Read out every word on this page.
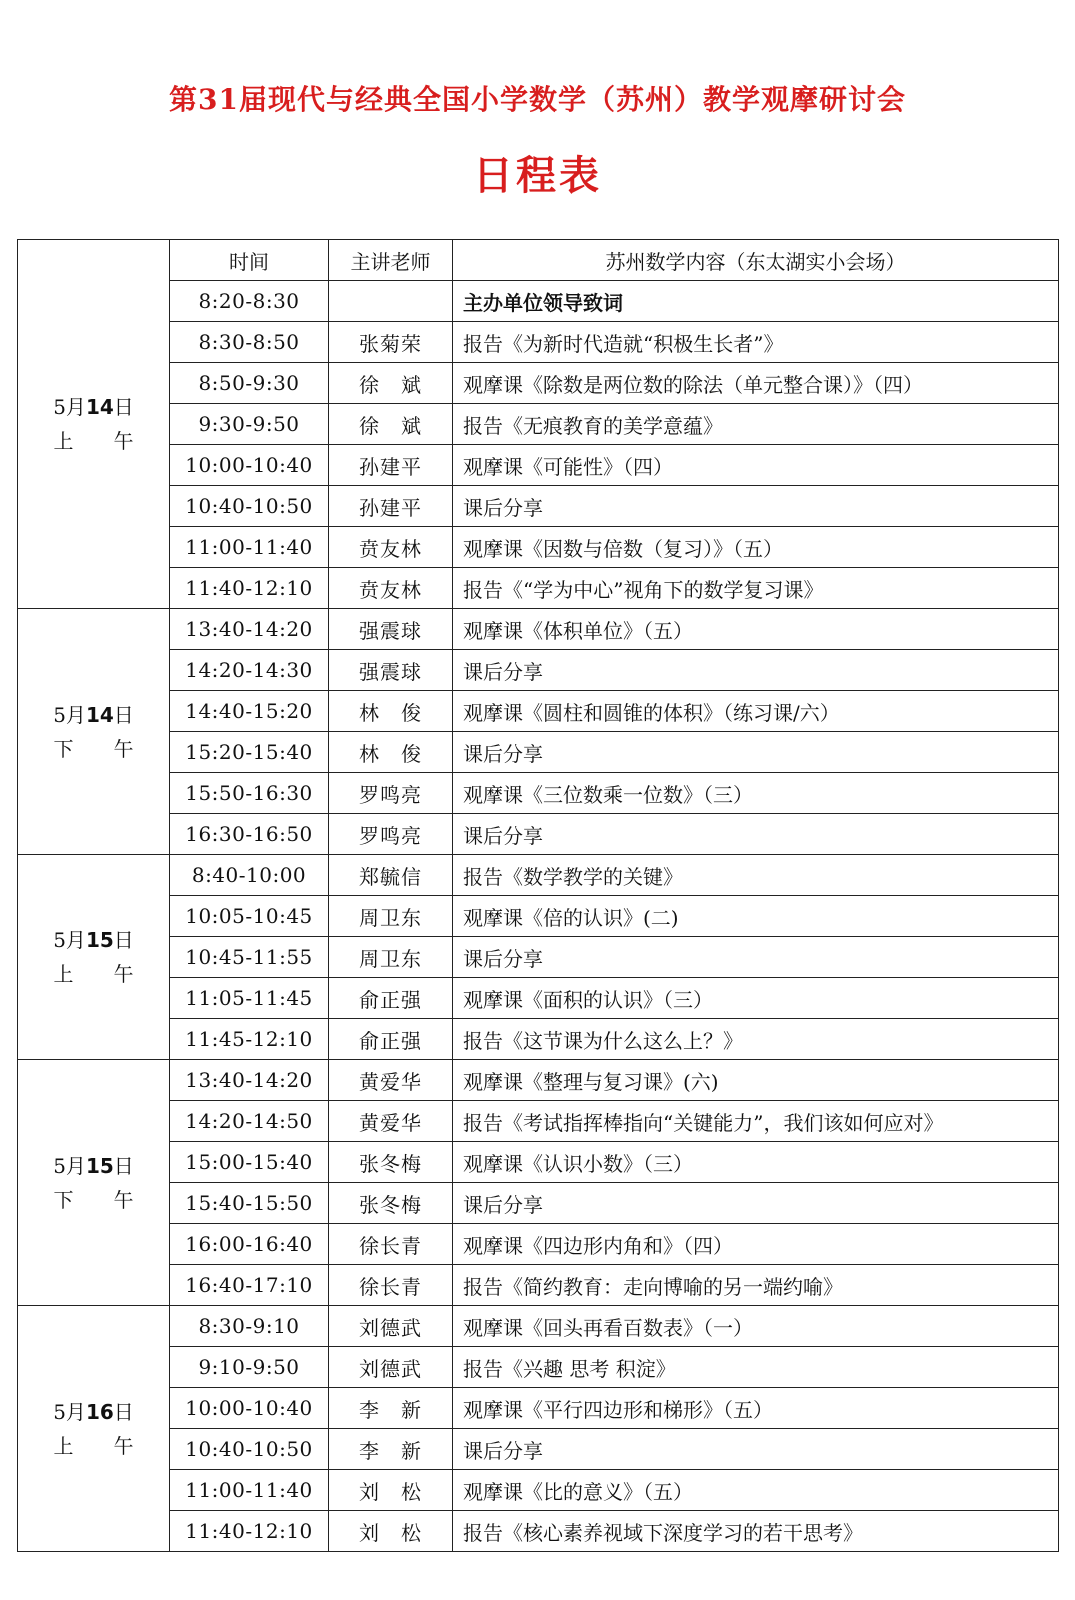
第31届现代与经典全国小学数学（苏州）教学观摩研讨会
日程表
5月14日
上　　午	时间	主讲老师	苏州数学内容（东太湖实小会场）
	8:20-8:30		主办单位领导致词
	8:30-8:50	张菊荣	报告《为新时代造就“积极生长者”》
	8:50-9:30	徐　斌	观摩课《除数是两位数的除法（单元整合课）》（四）
	9:30-9:50	徐　斌	报告《无痕教育的美学意蕴》
	10:00-10:40	孙建平	观摩课《可能性》（四）
	10:40-10:50	孙建平	课后分享
	11:00-11:40	贲友林	观摩课《因数与倍数（复习）》（五）
	11:40-12:10	贲友林	报告《“学为中心”视角下的数学复习课》

5月14日
下　　午	13:40-14:20	强震球	观摩课《体积单位》（五）
	14:20-14:30	强震球	课后分享
	14:40-15:20	林　俊	观摩课《圆柱和圆锥的体积》（练习课/六）
	15:20-15:40	林　俊	课后分享
	15:50-16:30	罗鸣亮	观摩课《三位数乘一位数》（三）
	16:30-16:50	罗鸣亮	课后分享

5月15日
上　　午	8:40-10:00	郑毓信	报告《数学教学的关键》
	10:05-10:45	周卫东	观摩课《倍的认识》(二)
	10:45-11:55	周卫东	课后分享
	11:05-11:45	俞正强	观摩课《面积的认识》（三）
	11:45-12:10	俞正强	报告《这节课为什么这么上？》

5月15日
下　　午	13:40-14:20	黄爱华	观摩课《整理与复习课》(六)
	14:20-14:50	黄爱华	报告《考试指挥棒指向“关键能力”，我们该如何应对》
	15:00-15:40	张冬梅	观摩课《认识小数》（三）
	15:40-15:50	张冬梅	课后分享
	16:00-16:40	徐长青	观摩课《四边形内角和》（四）
	16:40-17:10	徐长青	报告《简约教育：走向博喻的另一端约喻》

5月16日
上　　午	8:30-9:10	刘德武	观摩课《回头再看百数表》（一）
	9:10-9:50	刘德武	报告《兴趣 思考 积淀》
	10:00-10:40	李　新	观摩课《平行四边形和梯形》（五）
	10:40-10:50	李　新	课后分享
	11:00-11:40	刘　松	观摩课《比的意义》（五）
	11:40-12:10	刘　松	报告《核心素养视域下深度学习的若干思考》
